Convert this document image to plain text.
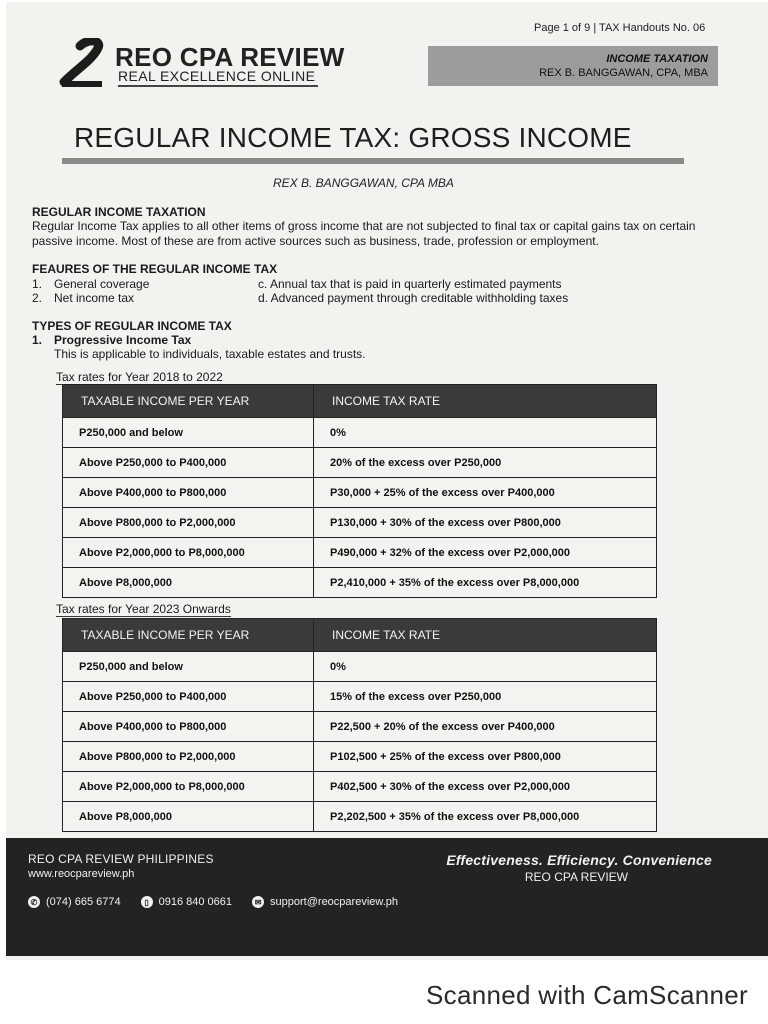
Page 1 of 9 | TAX Handouts No. 06
REO CPA REVIEW
REAL EXCELLENCE ONLINE
INCOME TAXATION
REX B. BANGGAWAN, CPA, MBA
REGULAR INCOME TAX: GROSS INCOME
REX B. BANGGAWAN, CPA MBA
REGULAR INCOME TAXATION
Regular Income Tax applies to all other items of gross income that are not subjected to final tax or capital gains tax on certain passive income. Most of these are from active sources such as business, trade, profession or employment.
FEAURES OF THE REGULAR INCOME TAX
1. General coverage
2. Net income tax
c. Annual tax that is paid in quarterly estimated payments
d. Advanced payment through creditable withholding taxes
TYPES OF REGULAR INCOME TAX
1. Progressive Income Tax
This is applicable to individuals, taxable estates and trusts.
Tax rates for Year 2018 to 2022
TAXABLE INCOME PER YEAR	INCOME TAX RATE
P250,000 and below	0%
Above P250,000 to P400,000	20% of the excess over P250,000
Above P400,000 to P800,000	P30,000 + 25% of the excess over P400,000
Above P800,000 to P2,000,000	P130,000 + 30% of the excess over P800,000
Above P2,000,000 to P8,000,000	P490,000 + 32% of the excess over P2,000,000
Above P8,000,000	P2,410,000 + 35% of the excess over P8,000,000
Tax rates for Year 2023 Onwards
TAXABLE INCOME PER YEAR	INCOME TAX RATE
P250,000 and below	0%
Above P250,000 to P400,000	15% of the excess over P250,000
Above P400,000 to P800,000	P22,500 + 20% of the excess over P400,000
Above P800,000 to P2,000,000	P102,500 + 25% of the excess over P800,000
Above P2,000,000 to P8,000,000	P402,500 + 30% of the excess over P2,000,000
Above P8,000,000	P2,202,500 + 35% of the excess over P8,000,000
REO CPA REVIEW PHILIPPINES
www.reocpareview.ph
Effectiveness. Efficiency. Convenience
REO CPA REVIEW
✆ (074) 665 6774	▯ 0916 840 0661	✉ support@reocpareview.ph
Scanned with CamScanner
